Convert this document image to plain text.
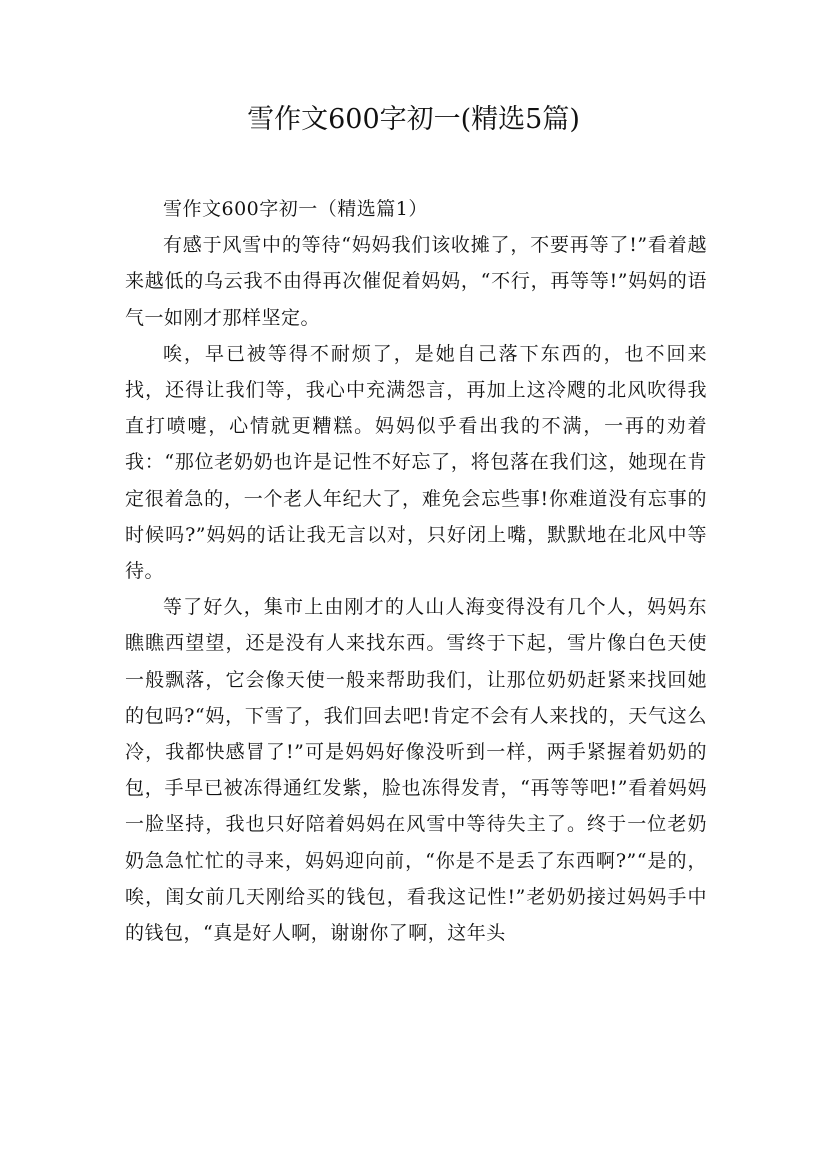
雪作文600字初一(精选5篇)

雪作文600字初一（精选篇1）

有感于风雪中的等待“妈妈我们该收摊了，不要再等了!”看着越来越低的乌云我不由得再次催促着妈妈，“不行，再等等!”妈妈的语气一如刚才那样坚定。

唉，早已被等得不耐烦了，是她自己落下东西的，也不回来找，还得让我们等，我心中充满怨言，再加上这冷飕的北风吹得我直打喷嚏，心情就更糟糕。妈妈似乎看出我的不满，一再的劝着我：“那位老奶奶也许是记性不好忘了，将包落在我们这，她现在肯定很着急的，一个老人年纪大了，难免会忘些事!你难道没有忘事的时候吗?”妈妈的话让我无言以对，只好闭上嘴，默默地在北风中等待。

等了好久，集市上由刚才的人山人海变得没有几个人，妈妈东瞧瞧西望望，还是没有人来找东西。雪终于下起，雪片像白色天使一般飘落，它会像天使一般来帮助我们，让那位奶奶赶紧来找回她的包吗?“妈，下雪了，我们回去吧!肯定不会有人来找的，天气这么冷，我都快感冒了!”可是妈妈好像没听到一样，两手紧握着奶奶的包，手早已被冻得通红发紫，脸也冻得发青，“再等等吧!”看着妈妈一脸坚持，我也只好陪着妈妈在风雪中等待失主了。终于一位老奶奶急急忙忙的寻来，妈妈迎向前，“你是不是丢了东西啊?”“是的，唉，闺女前几天刚给买的钱包，看我这记性!”老奶奶接过妈妈手中的钱包，“真是好人啊，谢谢你了啊，这年头
